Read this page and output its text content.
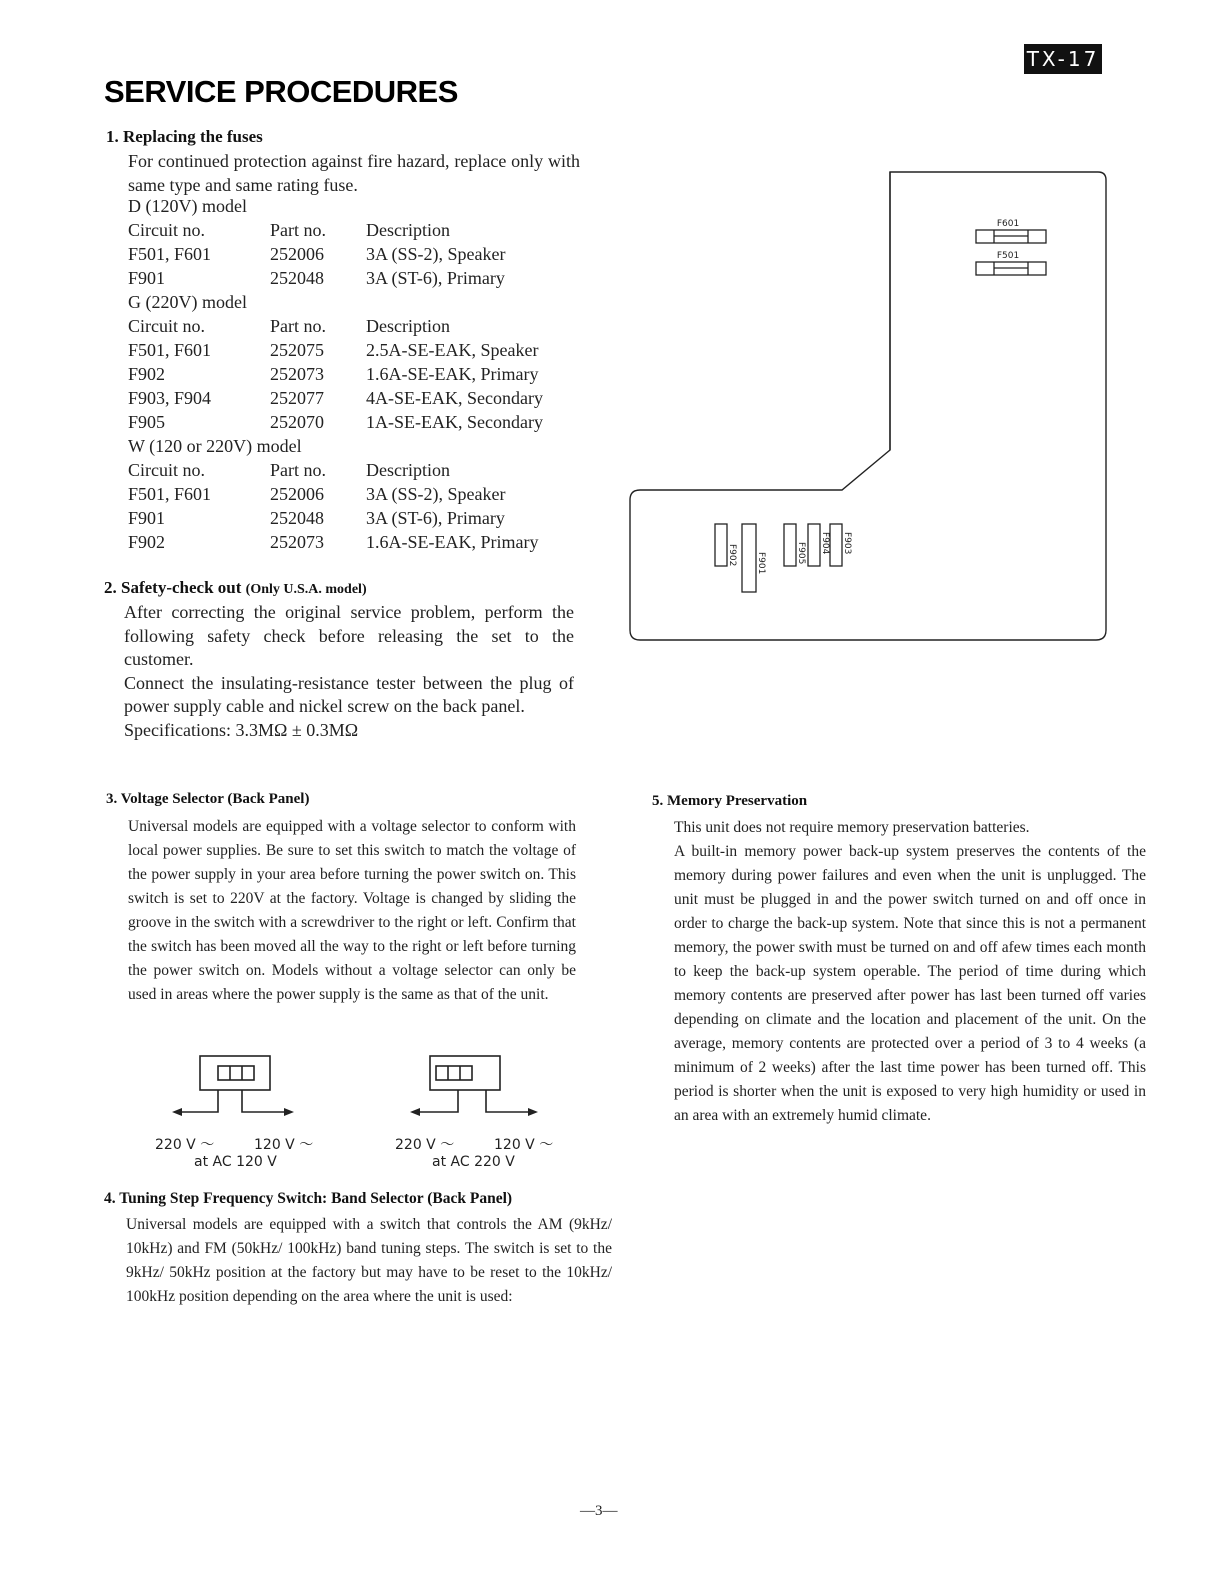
TX-17
SERVICE PROCEDURES
1. Replacing the fuses
For continued protection against fire hazard, replace only with same type and same rating fuse.
D (120V) model
Circuit no.	Part no.	Description
F501, F601	252006	3A (SS-2), Speaker
F901	252048	3A (ST-6), Primary
G (220V) model
Circuit no.	Part no.	Description
F501, F601	252075	2.5A-SE-EAK, Speaker
F902	252073	1.6A-SE-EAK, Primary
F903, F904	252077	4A-SE-EAK, Secondary
F905	252070	1A-SE-EAK, Secondary
W (120 or 220V) model
Circuit no.	Part no.	Description
F501, F601	252006	3A (SS-2), Speaker
F901	252048	3A (ST-6), Primary
F902	252073	1.6A-SE-EAK, Primary
F601
F501
F902 F901	F905 F904 F903
2. Safety-check out (Only U.S.A. model)

After correcting the original service problem, perform the following safety check before releasing the set to the customer.

Connect the insulating-resistance tester between the plug of power supply cable and nickel screw on the back panel.

Specifications: 3.3MΩ ± 0.3MΩ

3. Voltage Selector (Back Panel)
Universal models are equipped with a voltage selector to conform with local power supplies. Be sure to set this switch to match the voltage of the power supply in your area before turning the power switch on. This switch is set to 220V at the factory. Voltage is changed by sliding the groove in the switch with a screwdriver to the right or left. Confirm that the switch has been moved all the way to the right or left before turning the power switch on. Models without a voltage selector can only be used in areas where the power supply is the same as that of the unit.
220 V ～	120 V ～
at AC 120 V
220 V ～	120 V ～
at AC 220 V
4. Tuning Step Frequency Switch: Band Selector (Back Panel)
Universal models are equipped with a switch that controls the AM (9kHz/ 10kHz) and FM (50kHz/ 100kHz) band tuning steps. The switch is set to the 9kHz/ 50kHz position at the factory but may have to be reset to the 10kHz/ 100kHz position depending on the area where the unit is used:
5. Memory Preservation

This unit does not require memory preservation batteries.

A built-in memory power back-up system preserves the contents of the memory during power failures and even when the unit is unplugged. The unit must be plugged in and the power switch turned on and off once in order to charge the back-up system. Note that since this is not a permanent memory, the power swith must be turned on and off afew times each month to keep the back-up system operable. The period of time during which memory contents are preserved after power has last been turned off varies depending on climate and the location and placement of the unit. On the average, memory contents are protected over a period of 3 to 4 weeks (a minimum of 2 weeks) after the last time power has been turned off. This period is shorter when the unit is exposed to very high humidity or used in an area with an extremely humid climate.

—3—
